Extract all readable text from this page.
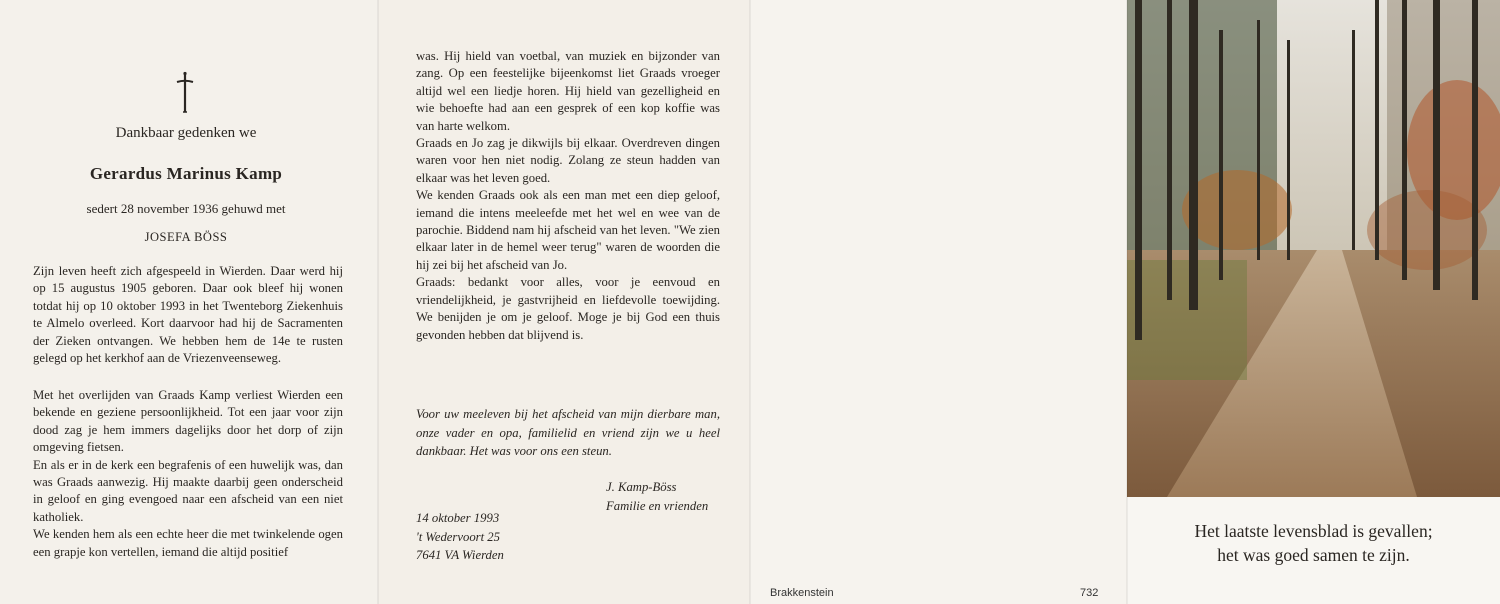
Dankbaar gedenken we
Gerardus Marinus Kamp
sedert 28 november 1936 gehuwd met
JOSEFA BÖSS

Zijn leven heeft zich afgespeeld in Wierden. Daar werd hij op 15 augustus 1905 geboren. Daar ook bleef hij wonen totdat hij op 10 oktober 1993 in het Twenteborg Ziekenhuis te Almelo overleed. Kort daarvoor had hij de Sacramenten der Zieken ontvangen. We hebben hem de 14e te rusten gelegd op het kerkhof aan de Vriezenveenseweg.

Met het overlijden van Graads Kamp verliest Wierden een bekende en geziene persoonlijkheid. Tot een jaar voor zijn dood zag je hem immers dagelijks door het dorp of zijn omgeving fietsen.

En als er in de kerk een begrafenis of een huwelijk was, dan was Graads aanwezig. Hij maakte daarbij geen onderscheid in geloof en ging evengoed naar een afscheid van een niet katholiek.

We kenden hem als een echte heer die met twinkelende ogen een grapje kon vertellen, iemand die altijd positief

was. Hij hield van voetbal, van muziek en bijzonder van zang. Op een feestelijke bijeenkomst liet Graads vroeger altijd wel een liedje horen. Hij hield van gezelligheid en wie behoefte had aan een gesprek of een kop koffie was van harte welkom.

Graads en Jo zag je dikwijls bij elkaar. Overdreven dingen waren voor hen niet nodig. Zolang ze steun hadden van elkaar was het leven goed.

We kenden Graads ook als een man met een diep geloof, iemand die intens meeleefde met het wel en wee van de parochie. Biddend nam hij afscheid van het leven. "We zien elkaar later in de hemel weer terug" waren de woorden die hij zei bij het afscheid van Jo.

Graads: bedankt voor alles, voor je eenvoud en vriendelijkheid, je gastvrijheid en liefdevolle toewijding. We benijden je om je geloof. Moge je bij God een thuis gevonden hebben dat blijvend is.

Voor uw meeleven bij het afscheid van mijn dierbare man, onze vader en opa, familielid en vriend zijn we u heel dankbaar. Het was voor ons een steun.
J. Kamp-Böss
Familie en vrienden
14 oktober 1993
't Wedervoort 25
7641 VA Wierden
Brakkenstein	732
Het laatste levensblad is gevallen;
het was goed samen te zijn.
